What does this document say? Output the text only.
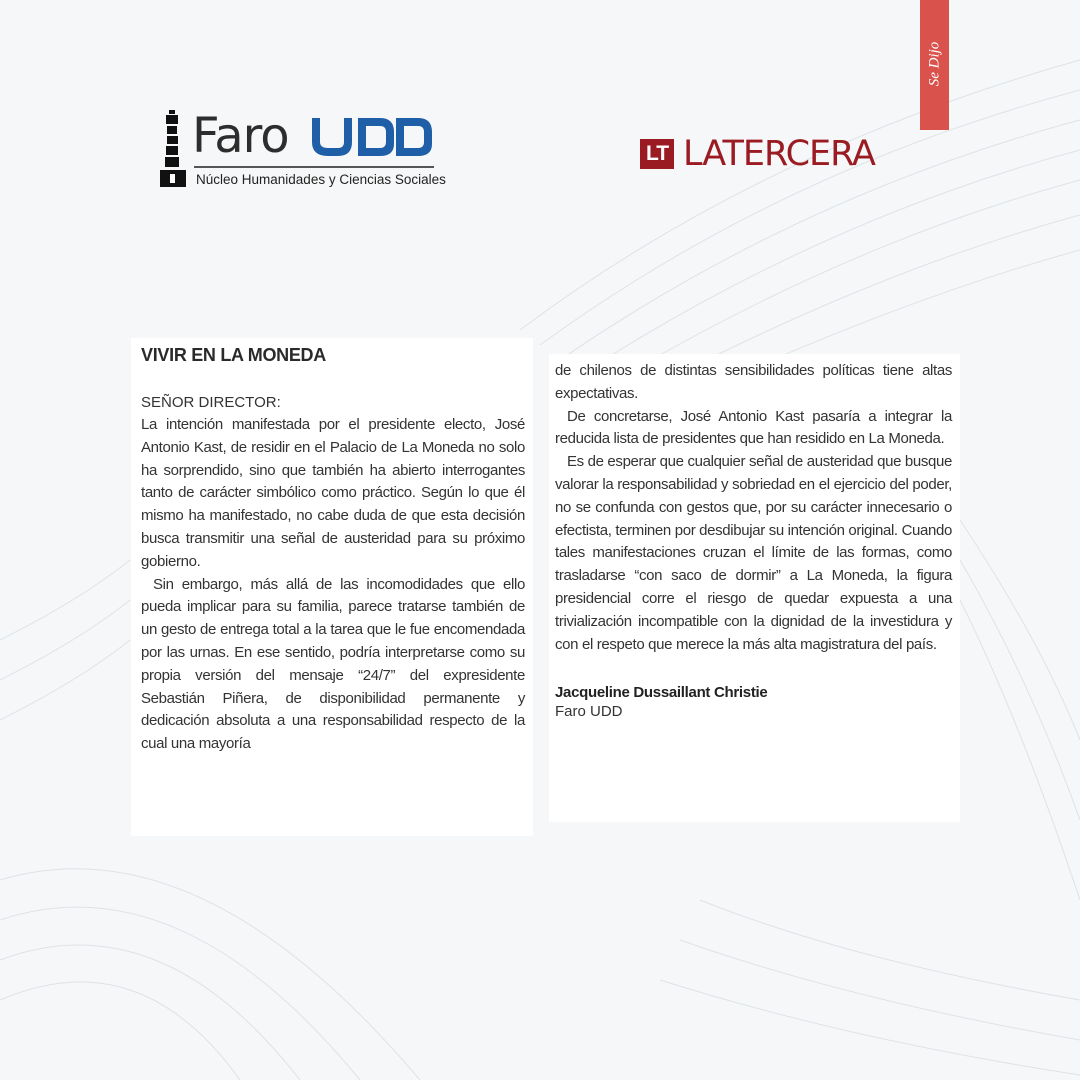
Se Dijo
Faro
Núcleo Humanidades y Ciencias Sociales
LT LATERCERA
VIVIR EN LA MONEDA
SEÑOR DIRECTOR:

La intención manifestada por el presidente electo, José Antonio Kast, de residir en el Palacio de La Moneda no solo ha sorprendido, sino que también ha abierto interrogantes tanto de carácter simbólico como práctico. Según lo que él mismo ha manifestado, no cabe duda de que esta decisión busca transmitir una señal de austeridad para su próximo gobierno.

Sin embargo, más allá de las incomodidades que ello pueda implicar para su familia, parece tratarse también de un gesto de entrega total a la tarea que le fue encomendada por las urnas. En ese sentido, podría interpretarse como su propia versión del mensaje “24/7” del expresidente Sebastián Piñera, de disponibilidad permanente y dedicación absoluta a una responsabilidad respecto de la cual una mayoría

de chilenos de distintas sensibilidades políticas tiene altas expectativas.

De concretarse, José Antonio Kast pasaría a integrar la reducida lista de presidentes que han residido en La Moneda.

Es de esperar que cualquier señal de austeridad que busque valorar la responsabilidad y sobriedad en el ejercicio del poder, no se confunda con gestos que, por su carácter innecesario o efectista, terminen por desdibujar su intención original. Cuando tales manifestaciones cruzan el límite de las formas, como trasladarse “con saco de dormir” a La Moneda, la figura presidencial corre el riesgo de quedar expuesta a una trivialización incompatible con la dignidad de la investidura y con el respeto que merece la más alta magistratura del país.

Jacqueline Dussaillant Christie
Faro UDD
